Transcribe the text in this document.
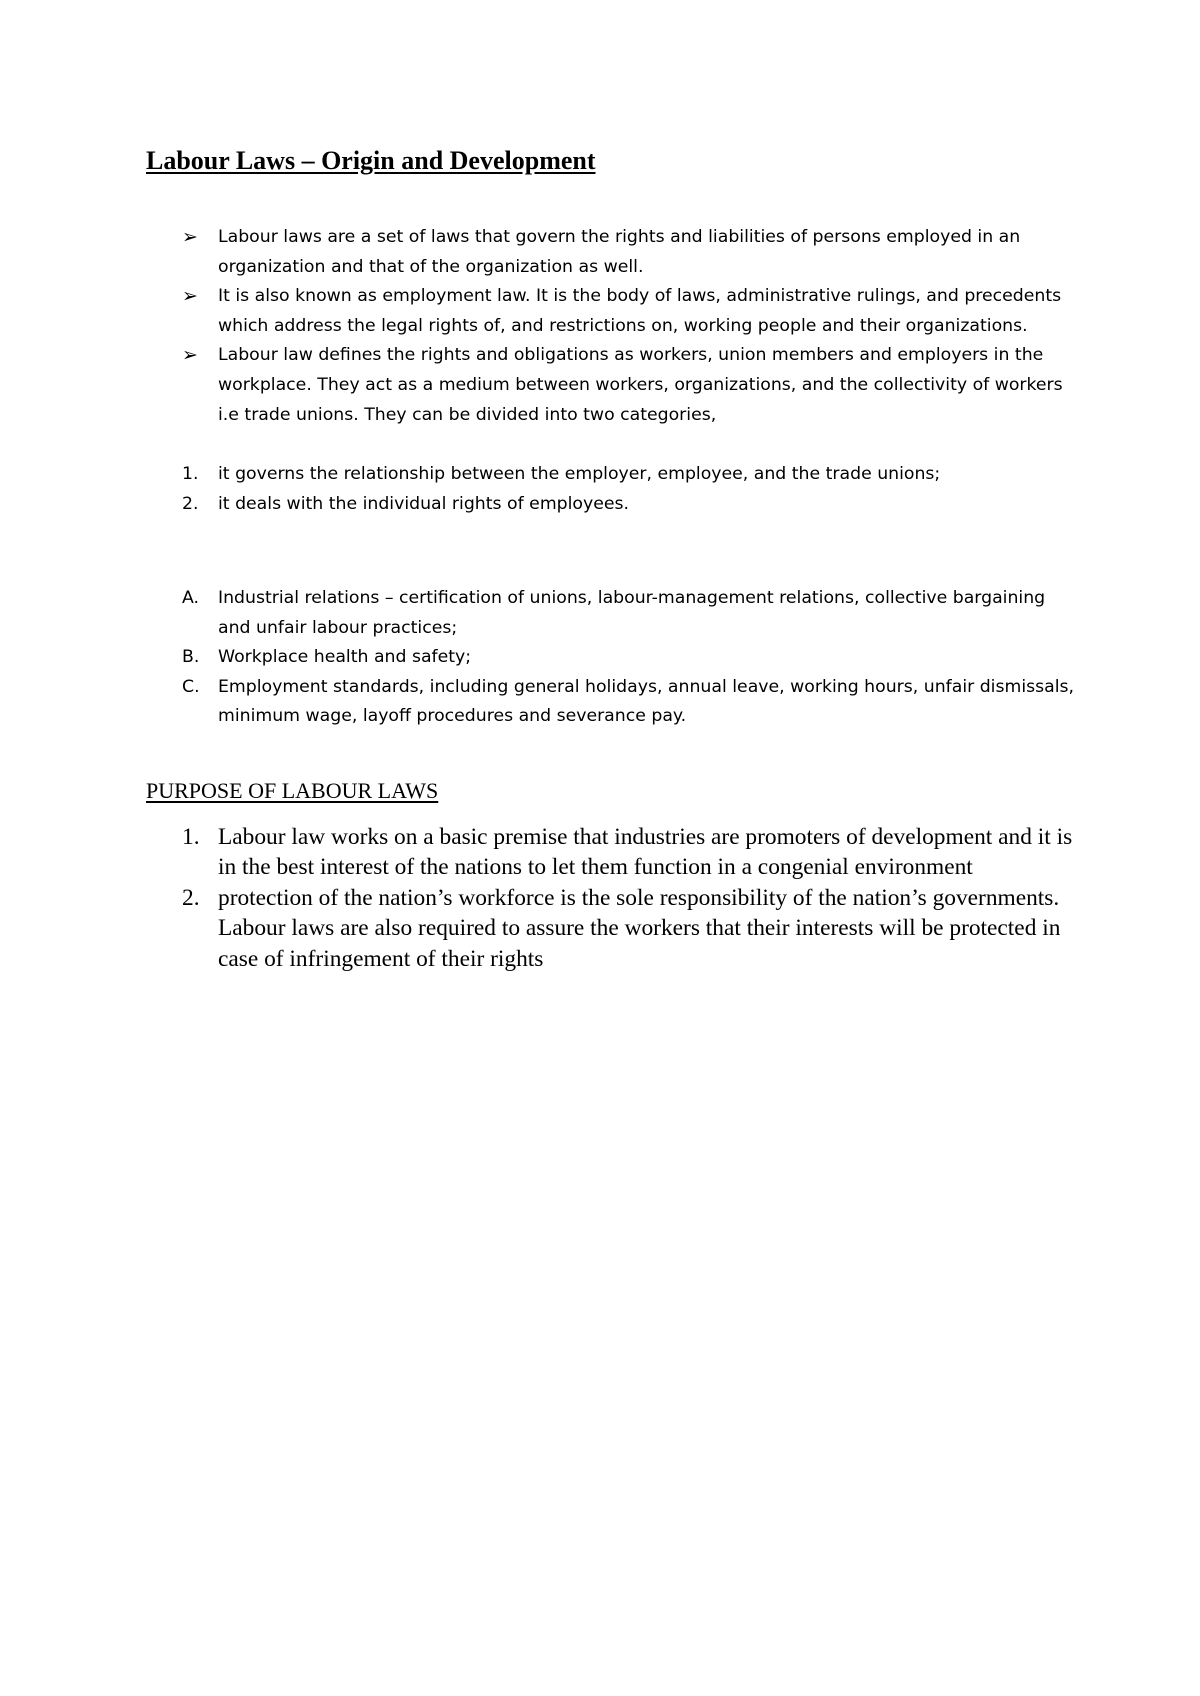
Labour Laws – Origin and Development
➢	Labour laws are a set of laws that govern the rights and liabilities of persons employed in an organization and that of the organization as well.
➢	It is also known as employment law. It is the body of laws, administrative rulings, and precedents which address the legal rights of, and restrictions on, working people and their organizations.
➢	Labour law defines the rights and obligations as workers, union members and employers in the workplace. They act as a medium between workers, organizations, and the collectivity of workers i.e trade unions. They can be divided into two categories,
1.	it governs the relationship between the employer, employee, and the trade unions;
2.	it deals with the individual rights of employees.
A.	Industrial relations – certification of unions, labour-management relations, collective bargaining and unfair labour practices;
B.	Workplace health and safety;
C.	Employment standards, including general holidays, annual leave, working hours, unfair dismissals, minimum wage, layoff procedures and severance pay.
PURPOSE OF LABOUR LAWS
1. Labour law works on a basic premise that industries are promoters of development and it is in the best interest of the nations to let them function in a congenial environment
2. protection of the nation’s workforce is the sole responsibility of the nation’s governments. Labour laws are also required to assure the workers that their interests will be protected in case of infringement of their rights
